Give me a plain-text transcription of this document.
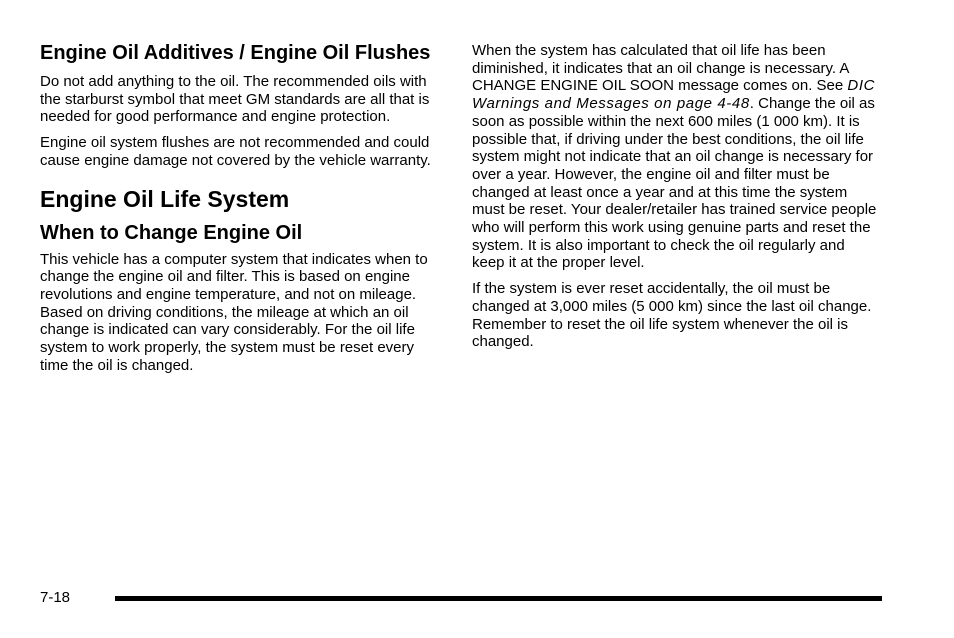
Engine Oil Additives / Engine Oil Flushes

Do not add anything to the oil. The recommended oils with the starburst symbol that meet GM standards are all that is needed for good performance and engine protection.

Engine oil system flushes are not recommended and could cause engine damage not covered by the vehicle warranty.

Engine Oil Life System
When to Change Engine Oil

This vehicle has a computer system that indicates when to change the engine oil and filter. This is based on engine revolutions and engine temperature, and not on mileage. Based on driving conditions, the mileage at which an oil change is indicated can vary considerably. For the oil life system to work properly, the system must be reset every time the oil is changed.

When the system has calculated that oil life has been diminished, it indicates that an oil change is necessary. A CHANGE ENGINE OIL SOON message comes on. See DIC Warnings and Messages on page 4-48. Change the oil as soon as possible within the next 600 miles (1 000 km). It is possible that, if driving under the best conditions, the oil life system might not indicate that an oil change is necessary for over a year. However, the engine oil and filter must be changed at least once a year and at this time the system must be reset. Your dealer/retailer has trained service people who will perform this work using genuine parts and reset the system. It is also important to check the oil regularly and keep it at the proper level.

If the system is ever reset accidentally, the oil must be changed at 3,000 miles (5 000 km) since the last oil change. Remember to reset the oil life system whenever the oil is changed.

7-18
